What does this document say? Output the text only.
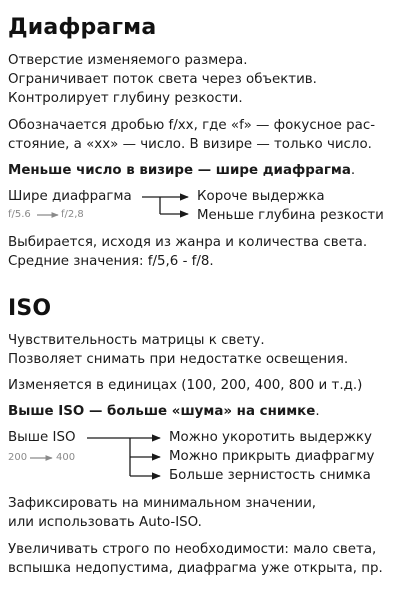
Диафрагма
Отверстие изменяемого размера.
Ограничивает поток света через объектив.
Контролирует глубину резкости.
Обозначается дробью f/xx, где «f» — фокусное рас-
стояние, а «xx» — число. В визире — только число.
Меньше число в визире — шире диафрагма.
Шире диафрагма
f/5.6	f/2,8
Короче выдержка
Меньше глубина резкости
Выбирается, исходя из жанра и количества света.
Средние значения: f/5,6 - f/8.
ISO
Чувствительность матрицы к свету.
Позволяет снимать при недостатке освещения.
Изменяется в единицах (100, 200, 400, 800 и т.д.)
Выше ISO — больше «шума» на снимке.
Выше ISO
200	400
Можно укоротить выдержку
Можно прикрыть диафрагму
Больше зернистость снимка
Зафиксировать на минимальном значении,
или использовать Auto-ISO.
Увеличивать строго по необходимости: мало света,
вспышка недопустима, диафрагма уже открыта, пр.
